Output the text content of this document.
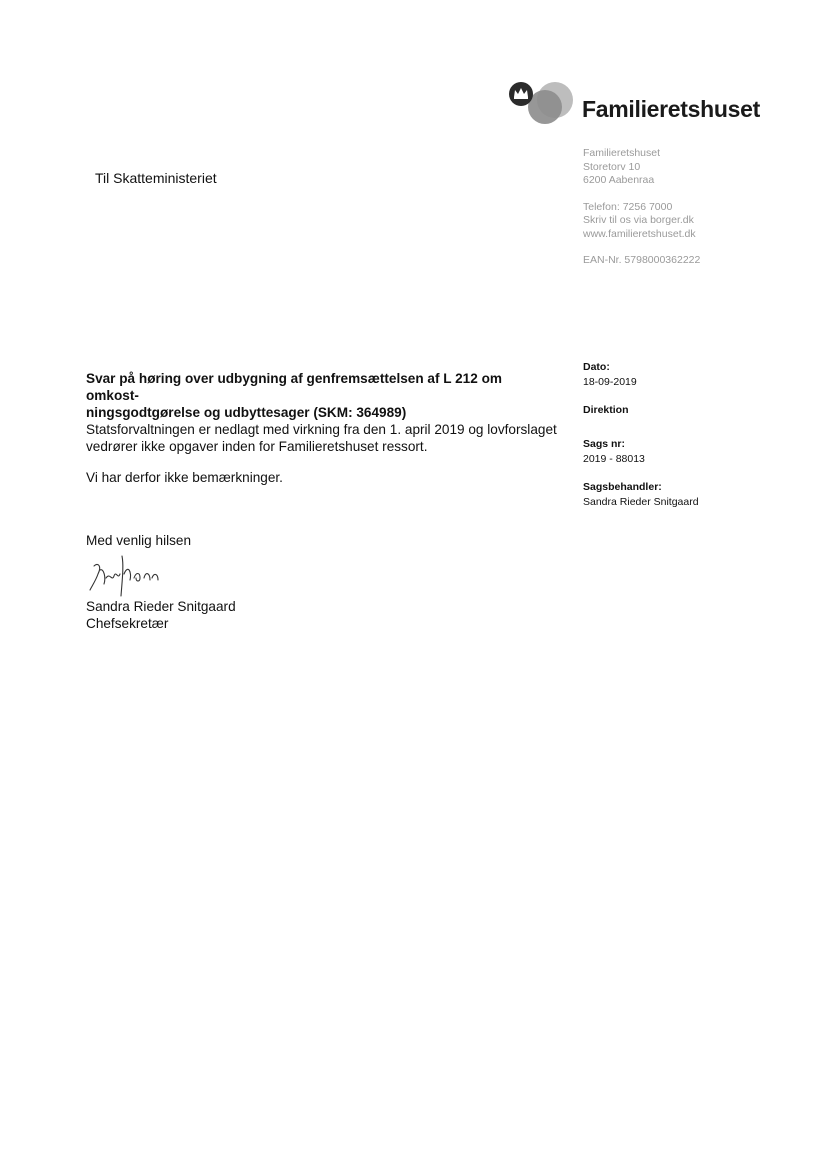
Familieretshuset
Til Skatteministeriet
Familieretshuset
Storetorv 10
6200 Aabenraa
Telefon: 7256 7000
Skriv til os via borger.dk
www.familieretshuset.dk
EAN-Nr. 5798000362222
Dato:
18-09-2019
Direktion
Sags nr:
2019 - 88013
Sagsbehandler:
Sandra Rieder Snitgaard
Svar på høring over udbygning af genfremsættelsen af L 212 om omkost-
ningsgodtgørelse og udbyttesager (SKM: 364989)
Statsforvaltningen er nedlagt med virkning fra den 1. april 2019 og lovforslaget
vedrører ikke opgaver inden for Familieretshuset ressort.
Vi har derfor ikke bemærkninger.
Med venlig hilsen
Sandra Rieder Snitgaard
Chefsekretær
